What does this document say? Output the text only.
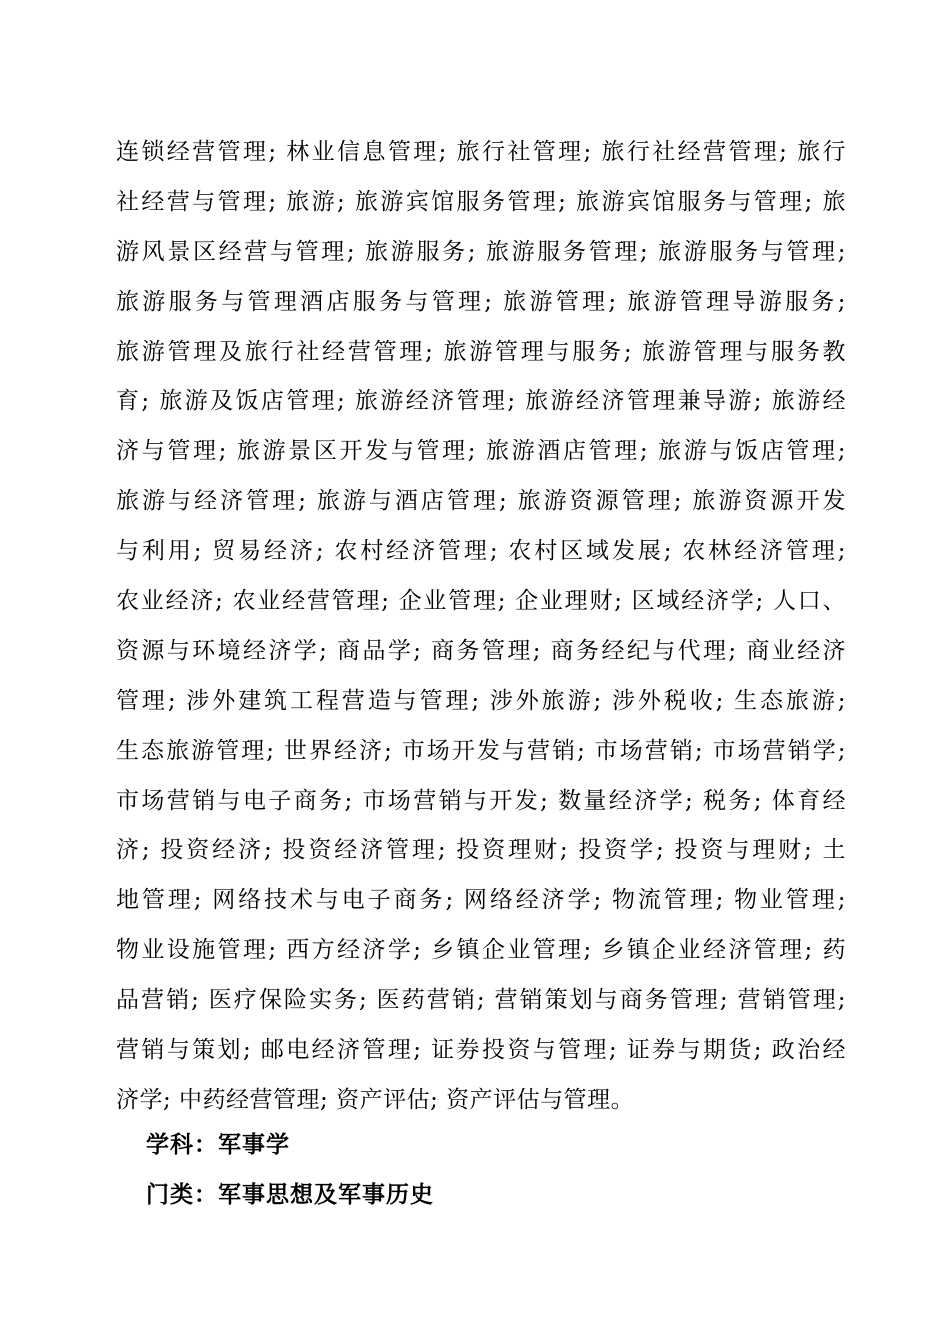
连锁经营管理; 林业信息管理; 旅行社管理; 旅行社经营管理; 旅行
社经营与管理; 旅游; 旅游宾馆服务管理; 旅游宾馆服务与管理; 旅
游风景区经营与管理; 旅游服务; 旅游服务管理; 旅游服务与管理;
旅游服务与管理酒店服务与管理; 旅游管理; 旅游管理导游服务;
旅游管理及旅行社经营管理; 旅游管理与服务; 旅游管理与服务教
育; 旅游及饭店管理; 旅游经济管理; 旅游经济管理兼导游; 旅游经
济与管理; 旅游景区开发与管理; 旅游酒店管理; 旅游与饭店管理;
旅游与经济管理; 旅游与酒店管理; 旅游资源管理; 旅游资源开发
与利用; 贸易经济; 农村经济管理; 农村区域发展; 农林经济管理;
农业经济; 农业经营管理; 企业管理; 企业理财; 区域经济学; 人口、
资源与环境经济学; 商品学; 商务管理; 商务经纪与代理; 商业经济
管理; 涉外建筑工程营造与管理; 涉外旅游; 涉外税收; 生态旅游;
生态旅游管理; 世界经济; 市场开发与营销; 市场营销; 市场营销学;
市场营销与电子商务; 市场营销与开发; 数量经济学; 税务; 体育经
济; 投资经济; 投资经济管理; 投资理财; 投资学; 投资与理财; 土
地管理; 网络技术与电子商务; 网络经济学; 物流管理; 物业管理;
物业设施管理; 西方经济学; 乡镇企业管理; 乡镇企业经济管理; 药
品营销; 医疗保险实务; 医药营销; 营销策划与商务管理; 营销管理;
营销与策划; 邮电经济管理; 证券投资与管理; 证券与期货; 政治经
济学; 中药经营管理; 资产评估; 资产评估与管理。
学科：军事学
门类：军事思想及军事历史
